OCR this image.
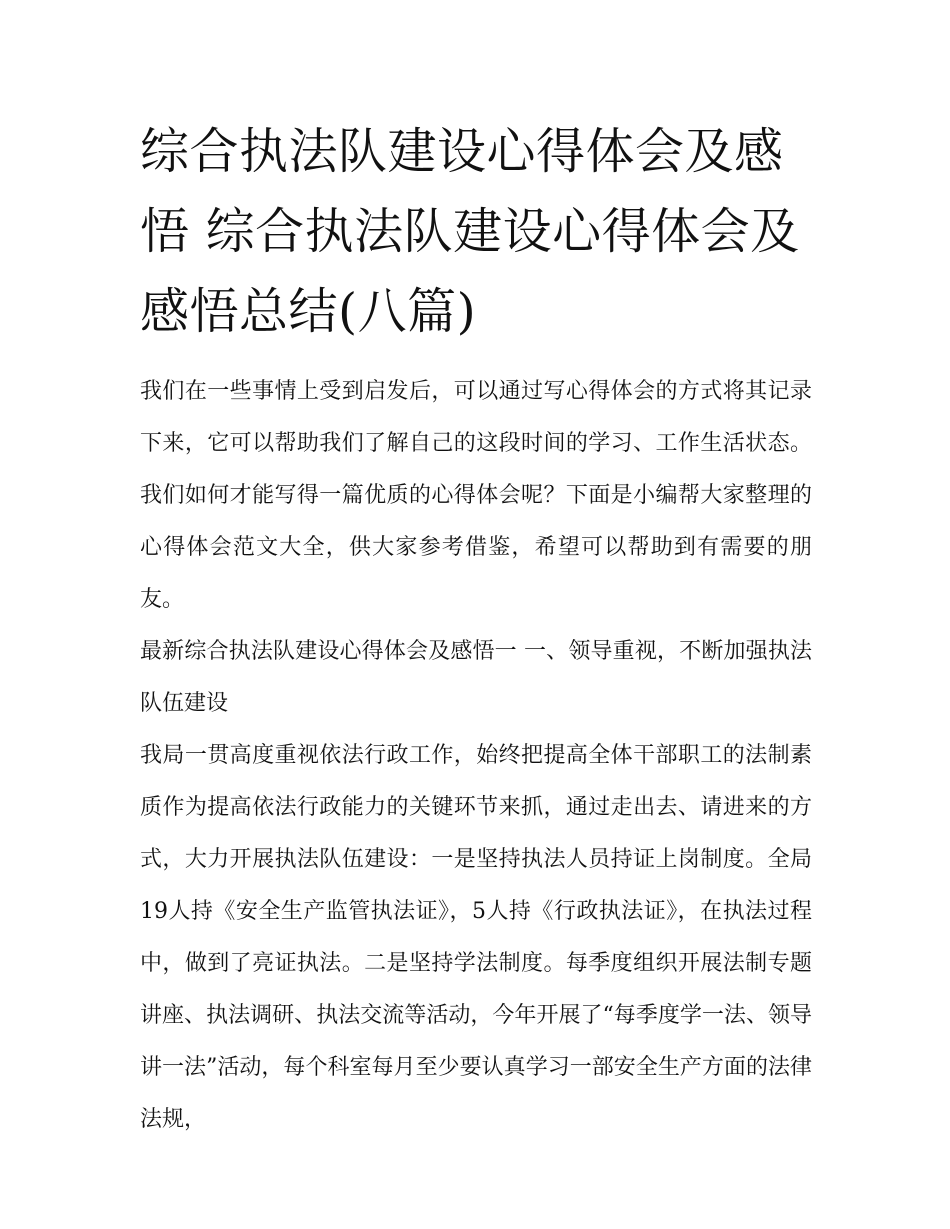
综合执法队建设心得体会及感悟 综合执法队建设心得体会及感悟总结(八篇)

我们在一些事情上受到启发后，可以通过写心得体会的方式将其记录下来，它可以帮助我们了解自己的这段时间的学习、工作生活状态。我们如何才能写得一篇优质的心得体会呢？下面是小编帮大家整理的心得体会范文大全，供大家参考借鉴，希望可以帮助到有需要的朋友。

最新综合执法队建设心得体会及感悟一 一、领导重视，不断加强执法队伍建设

我局一贯高度重视依法行政工作，始终把提高全体干部职工的法制素质作为提高依法行政能力的关键环节来抓，通过走出去、请进来的方式，大力开展执法队伍建设：一是坚持执法人员持证上岗制度。全局19人持《安全生产监管执法证》，5人持《行政执法证》，在执法过程中，做到了亮证执法。二是坚持学法制度。每季度组织开展法制专题讲座、执法调研、执法交流等活动，今年开展了“每季度学一法、领导讲一法”活动，每个科室每月至少要认真学习一部安全生产方面的法律法规，
